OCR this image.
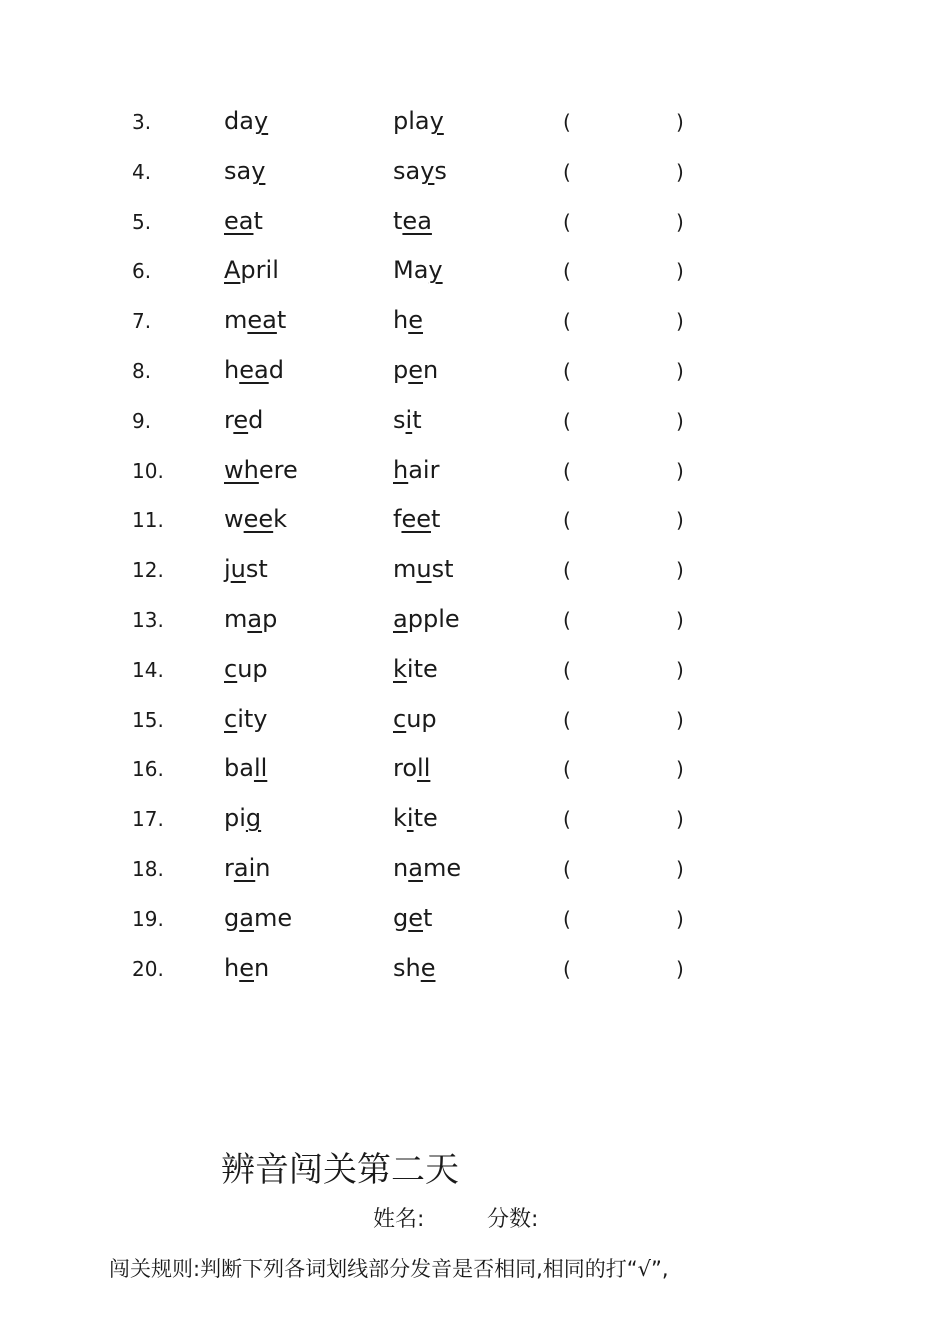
3.	day	play	(	)
4.	say	says	(	)
5.	eat	tea	(	)
6.	April	May	(	)
7.	meat	he	(	)
8.	head	pen	(	)
9.	red	sit	(	)
10.	where	hair	(	)
11.	week	feet	(	)
12.	just	must	(	)
13.	map	apple	(	)
14.	cup	kite	(	)
15.	city	cup	(	)
16.	ball	roll	(	)
17.	pig	kite	(	)
18.	rain	name	(	)
19.	game	get	(	)
20.	hen	she	(	)
辨音闯关第二天
姓名:	分数:
闯关规则:判断下列各词划线部分发音是否相同,相同的打“√”,
